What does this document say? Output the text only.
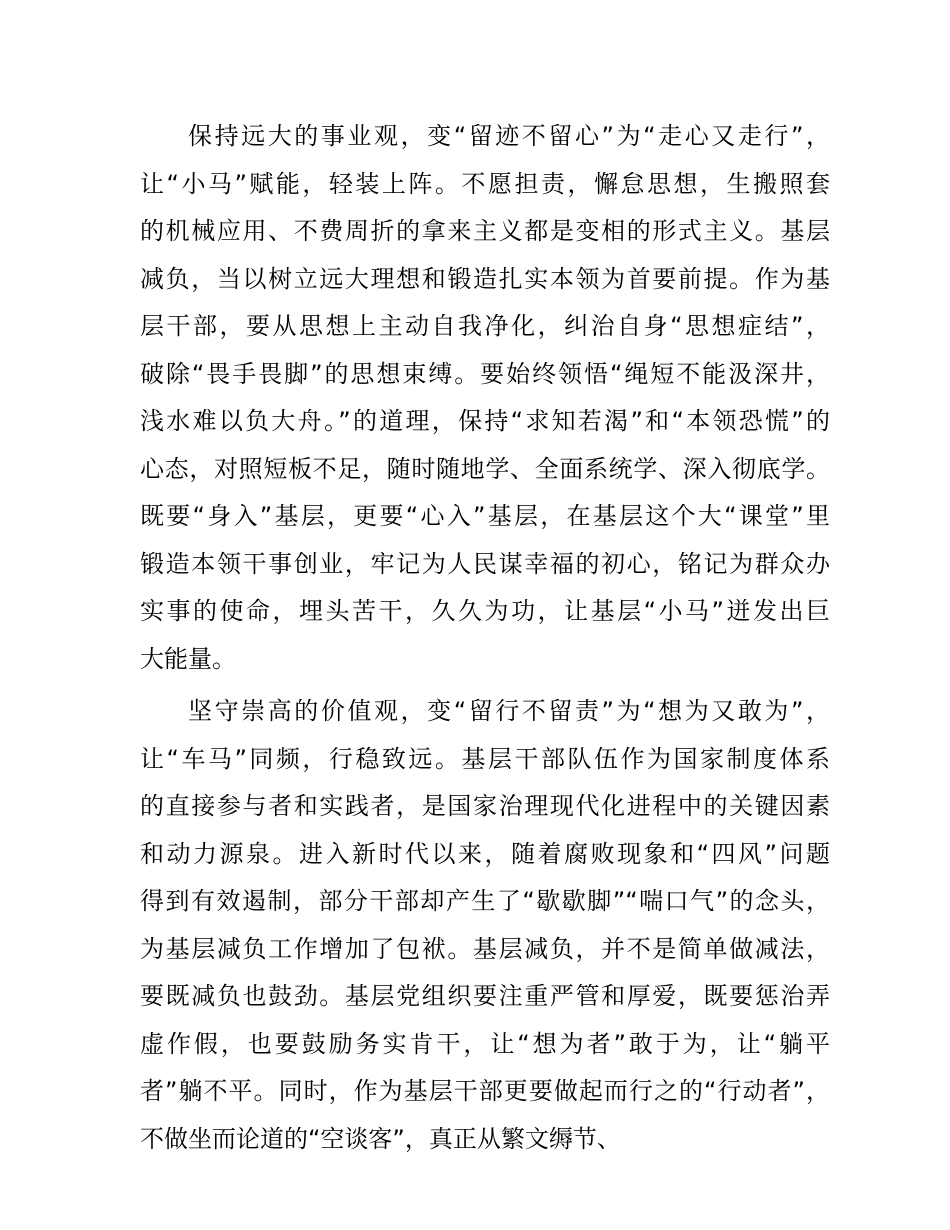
保持远大的事业观，变“留迹不留心”为“走心又走行”，
让“小马”赋能，轻装上阵。不愿担责，懈怠思想，生搬照套
的机械应用、不费周折的拿来主义都是变相的形式主义。基层
减负，当以树立远大理想和锻造扎实本领为首要前提。作为基
层干部，要从思想上主动自我净化，纠治自身“思想症结”，
破除“畏手畏脚”的思想束缚。要始终领悟“绳短不能汲深井，
浅水难以负大舟。”的道理，保持“求知若渴”和“本领恐慌”的
心态，对照短板不足，随时随地学、全面系统学、深入彻底学。
既要“身入”基层，更要“心入”基层，在基层这个大“课堂”里
锻造本领干事创业，牢记为人民谋幸福的初心，铭记为群众办
实事的使命，埋头苦干，久久为功，让基层“小马”迸发出巨
大能量。
坚守崇高的价值观，变“留行不留责”为“想为又敢为”，
让“车马”同频，行稳致远。基层干部队伍作为国家制度体系
的直接参与者和实践者，是国家治理现代化进程中的关键因素
和动力源泉。进入新时代以来，随着腐败现象和“四风”问题
得到有效遏制，部分干部却产生了“歇歇脚”“喘口气”的念头，
为基层减负工作增加了包袱。基层减负，并不是简单做减法，
要既减负也鼓劲。基层党组织要注重严管和厚爱，既要惩治弄
虚作假，也要鼓励务实肯干，让“想为者”敢于为，让“躺平
者”躺不平。同时，作为基层干部更要做起而行之的“行动者”，
不做坐而论道的“空谈客”，真正从繁文缛节、
